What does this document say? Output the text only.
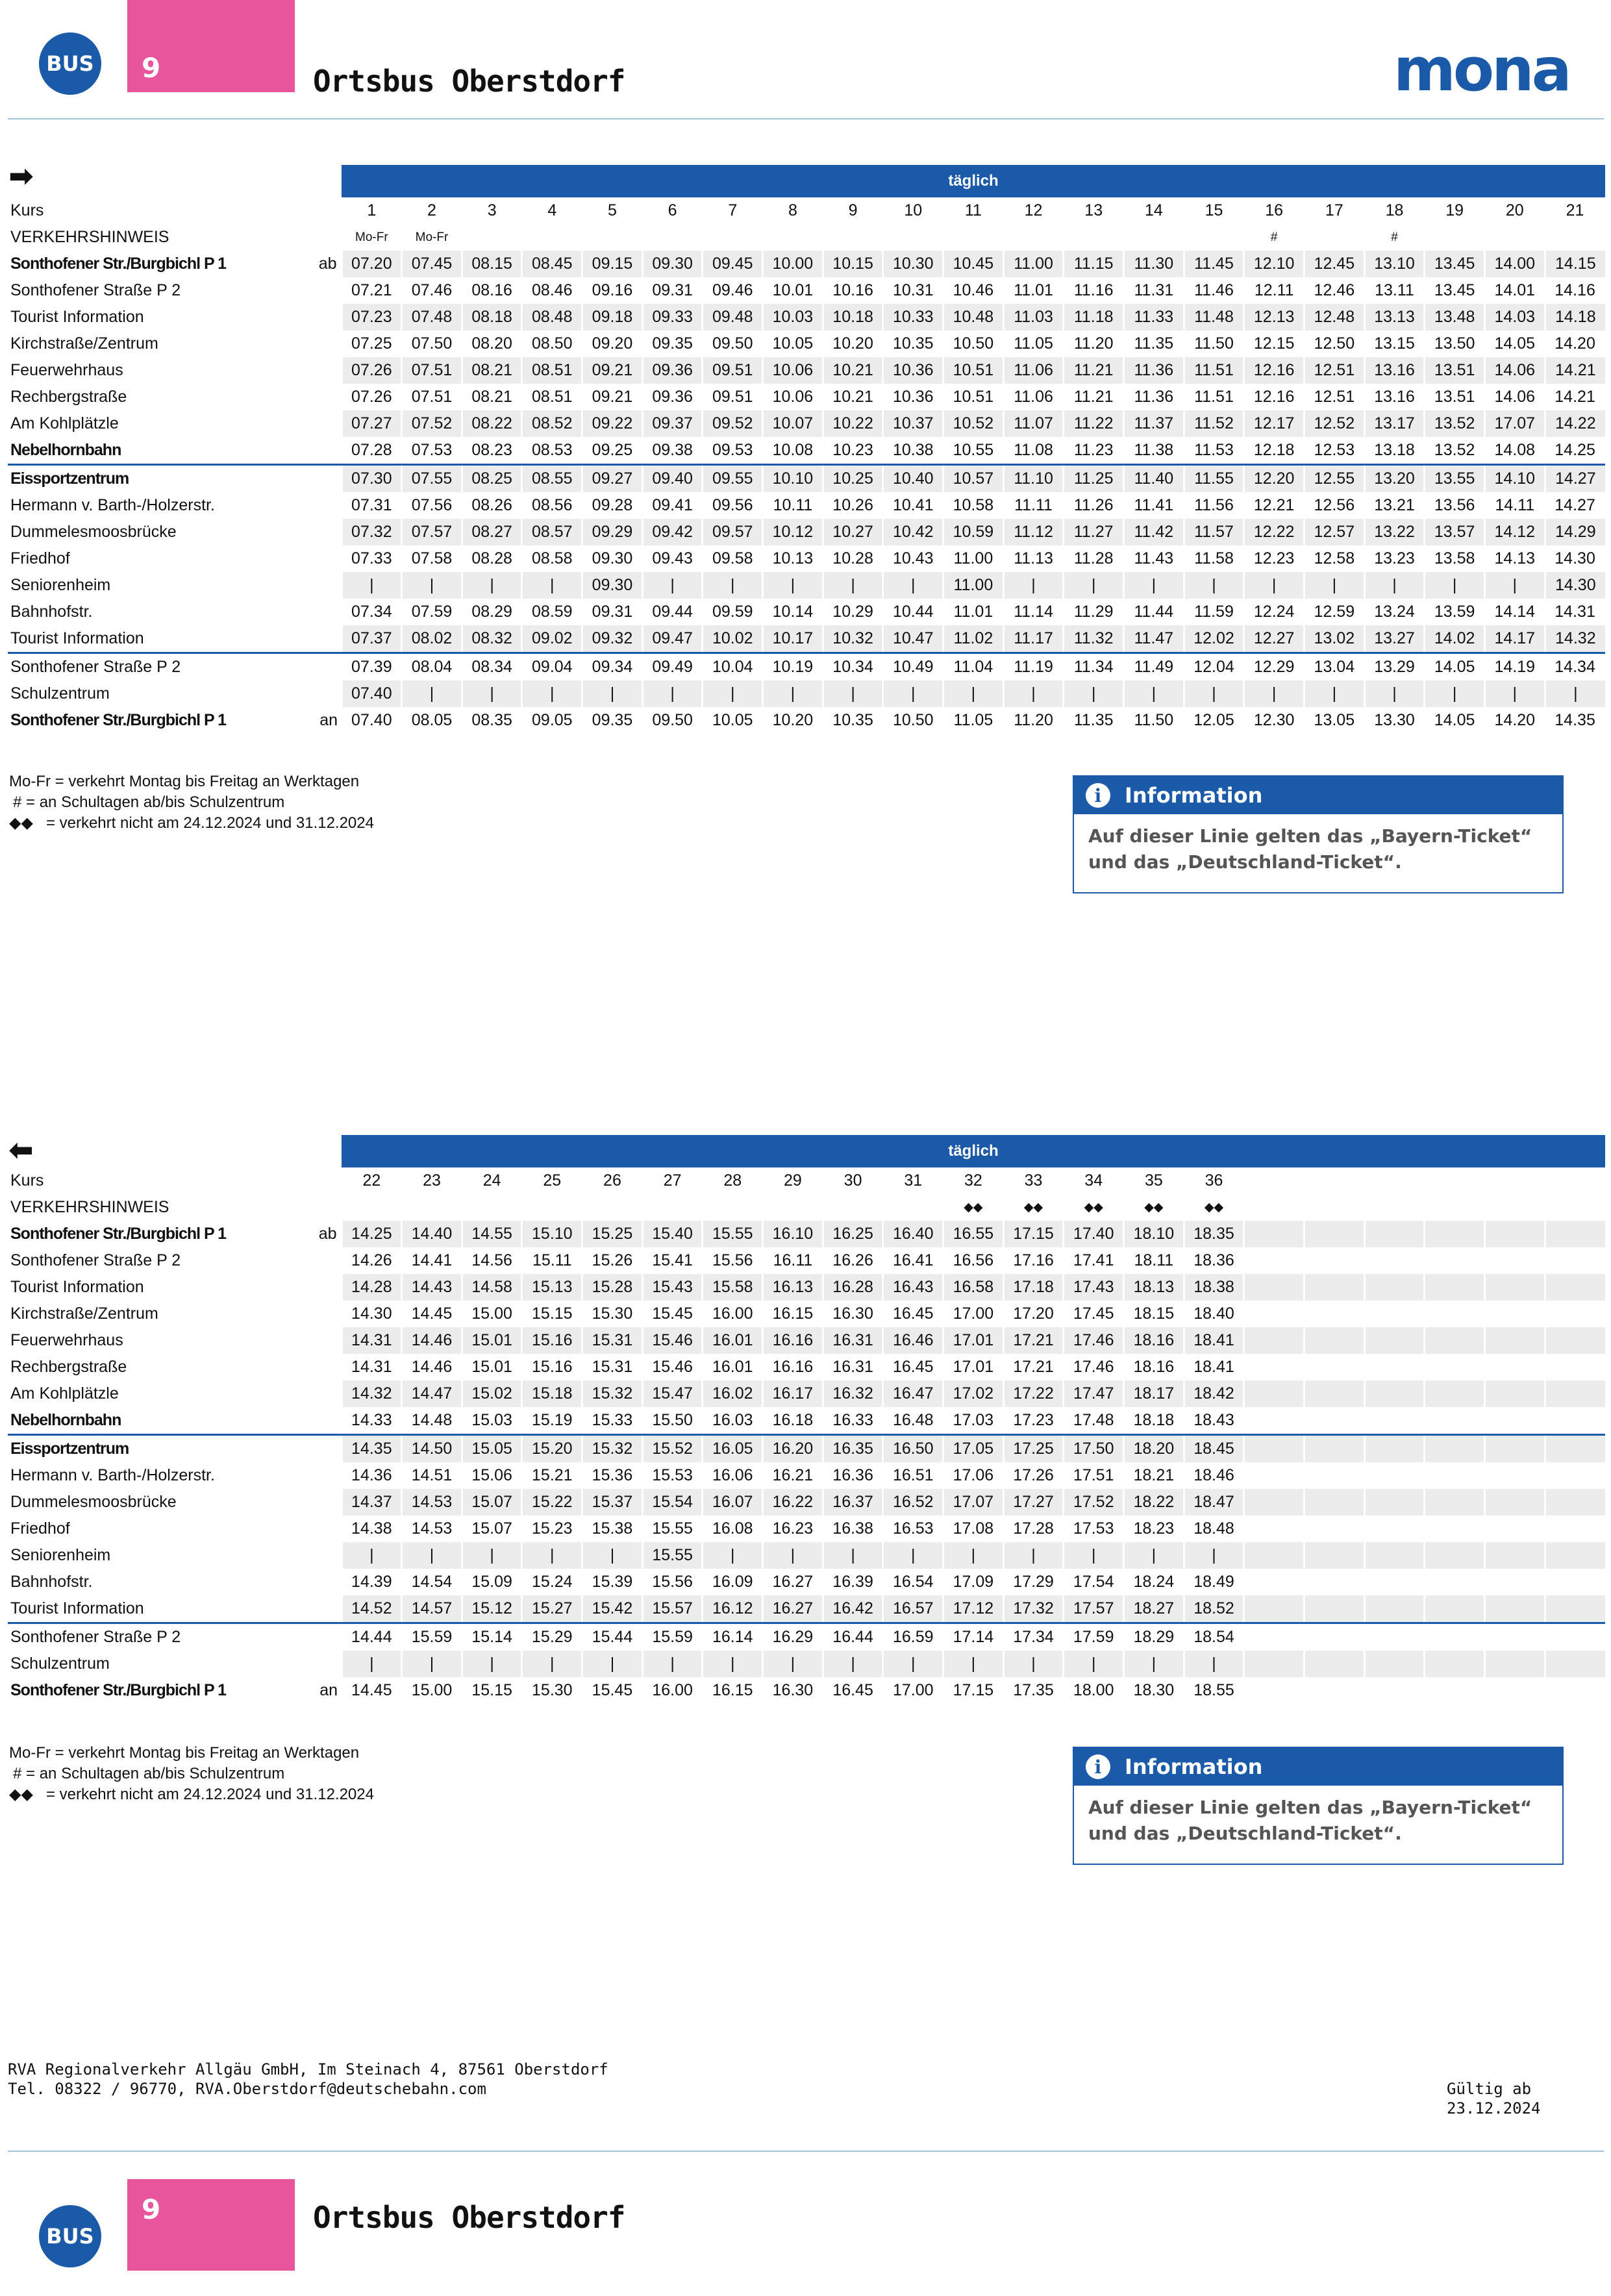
BUS 9	Ortsbus Oberstdorf	mona
➡
			täglich																				
Kurs		1	2	3	4	5	6	7	8	9	10	11	12	13	14	15	16	17	18	19	20	21
VERKEHRSHINWEIS		Mo-Fr	Mo-Fr														#		#			
Sonthofener Str./Burgbichl P 1	ab	07.20	07.45	08.15	08.45	09.15	09.30	09.45	10.00	10.15	10.30	10.45	11.00	11.15	11.30	11.45	12.10	12.45	13.10	13.45	14.00	14.15
Sonthofener Straße P 2		07.21	07.46	08.16	08.46	09.16	09.31	09.46	10.01	10.16	10.31	10.46	11.01	11.16	11.31	11.46	12.11	12.46	13.11	13.45	14.01	14.16
Tourist Information		07.23	07.48	08.18	08.48	09.18	09.33	09.48	10.03	10.18	10.33	10.48	11.03	11.18	11.33	11.48	12.13	12.48	13.13	13.48	14.03	14.18
Kirchstraße/Zentrum		07.25	07.50	08.20	08.50	09.20	09.35	09.50	10.05	10.20	10.35	10.50	11.05	11.20	11.35	11.50	12.15	12.50	13.15	13.50	14.05	14.20
Feuerwehrhaus		07.26	07.51	08.21	08.51	09.21	09.36	09.51	10.06	10.21	10.36	10.51	11.06	11.21	11.36	11.51	12.16	12.51	13.16	13.51	14.06	14.21
Rechbergstraße		07.26	07.51	08.21	08.51	09.21	09.36	09.51	10.06	10.21	10.36	10.51	11.06	11.21	11.36	11.51	12.16	12.51	13.16	13.51	14.06	14.21
Am Kohlplätzle		07.27	07.52	08.22	08.52	09.22	09.37	09.52	10.07	10.22	10.37	10.52	11.07	11.22	11.37	11.52	12.17	12.52	13.17	13.52	17.07	14.22
Nebelhornbahn		07.28	07.53	08.23	08.53	09.25	09.38	09.53	10.08	10.23	10.38	10.55	11.08	11.23	11.38	11.53	12.18	12.53	13.18	13.52	14.08	14.25
Eissportzentrum		07.30	07.55	08.25	08.55	09.27	09.40	09.55	10.10	10.25	10.40	10.57	11.10	11.25	11.40	11.55	12.20	12.55	13.20	13.55	14.10	14.27
Hermann v. Barth-/Holzerstr.		07.31	07.56	08.26	08.56	09.28	09.41	09.56	10.11	10.26	10.41	10.58	11.11	11.26	11.41	11.56	12.21	12.56	13.21	13.56	14.11	14.27
Dummelesmoosbrücke		07.32	07.57	08.27	08.57	09.29	09.42	09.57	10.12	10.27	10.42	10.59	11.12	11.27	11.42	11.57	12.22	12.57	13.22	13.57	14.12	14.29
Friedhof		07.33	07.58	08.28	08.58	09.30	09.43	09.58	10.13	10.28	10.43	11.00	11.13	11.28	11.43	11.58	12.23	12.58	13.23	13.58	14.13	14.30
Seniorenheim		|	|	|	|	09.30	|	|	|	|	|	11.00	|	|	|	|	|	|	|	|	|	14.30
Bahnhofstr.		07.34	07.59	08.29	08.59	09.31	09.44	09.59	10.14	10.29	10.44	11.01	11.14	11.29	11.44	11.59	12.24	12.59	13.24	13.59	14.14	14.31
Tourist Information		07.37	08.02	08.32	09.02	09.32	09.47	10.02	10.17	10.32	10.47	11.02	11.17	11.32	11.47	12.02	12.27	13.02	13.27	14.02	14.17	14.32
Sonthofener Straße P 2		07.39	08.04	08.34	09.04	09.34	09.49	10.04	10.19	10.34	10.49	11.04	11.19	11.34	11.49	12.04	12.29	13.04	13.29	14.05	14.19	14.34
Schulzentrum		07.40	|	|	|	|	|	|	|	|	|	|	|	|	|	|	|	|	|	|	|	|
Sonthofener Str./Burgbichl P 1	an	07.40	08.05	08.35	09.05	09.35	09.50	10.05	10.20	10.35	10.50	11.05	11.20	11.35	11.50	12.05	12.30	13.05	13.30	14.05	14.20	14.35
Mo-Fr = verkehrt Montag bis Freitag an Werktagen
# = an Schultagen ab/bis Schulzentrum
◆◆ = verkehrt nicht am 24.12.2024 und 31.12.2024
i	Information
Auf dieser Linie gelten das „Bayern-Ticket“ und das „Deutschland-Ticket“.
⬅
			täglich																				
Kurs		22	23	24	25	26	27	28	29	30	31	32	33	34	35	36						
VERKEHRSHINWEIS												◆◆	◆◆	◆◆	◆◆	◆◆						
Sonthofener Str./Burgbichl P 1	ab	14.25	14.40	14.55	15.10	15.25	15.40	15.55	16.10	16.25	16.40	16.55	17.15	17.40	18.10	18.35						
Sonthofener Straße P 2		14.26	14.41	14.56	15.11	15.26	15.41	15.56	16.11	16.26	16.41	16.56	17.16	17.41	18.11	18.36						
Tourist Information		14.28	14.43	14.58	15.13	15.28	15.43	15.58	16.13	16.28	16.43	16.58	17.18	17.43	18.13	18.38						
Kirchstraße/Zentrum		14.30	14.45	15.00	15.15	15.30	15.45	16.00	16.15	16.30	16.45	17.00	17.20	17.45	18.15	18.40						
Feuerwehrhaus		14.31	14.46	15.01	15.16	15.31	15.46	16.01	16.16	16.31	16.46	17.01	17.21	17.46	18.16	18.41						
Rechbergstraße		14.31	14.46	15.01	15.16	15.31	15.46	16.01	16.16	16.31	16.45	17.01	17.21	17.46	18.16	18.41						
Am Kohlplätzle		14.32	14.47	15.02	15.18	15.32	15.47	16.02	16.17	16.32	16.47	17.02	17.22	17.47	18.17	18.42						
Nebelhornbahn		14.33	14.48	15.03	15.19	15.33	15.50	16.03	16.18	16.33	16.48	17.03	17.23	17.48	18.18	18.43						
Eissportzentrum		14.35	14.50	15.05	15.20	15.32	15.52	16.05	16.20	16.35	16.50	17.05	17.25	17.50	18.20	18.45						
Hermann v. Barth-/Holzerstr.		14.36	14.51	15.06	15.21	15.36	15.53	16.06	16.21	16.36	16.51	17.06	17.26	17.51	18.21	18.46						
Dummelesmoosbrücke		14.37	14.53	15.07	15.22	15.37	15.54	16.07	16.22	16.37	16.52	17.07	17.27	17.52	18.22	18.47						
Friedhof		14.38	14.53	15.07	15.23	15.38	15.55	16.08	16.23	16.38	16.53	17.08	17.28	17.53	18.23	18.48						
Seniorenheim		|	|	|	|	|	15.55	|	|	|	|	|	|	|	|	|						
Bahnhofstr.		14.39	14.54	15.09	15.24	15.39	15.56	16.09	16.27	16.39	16.54	17.09	17.29	17.54	18.24	18.49						
Tourist Information		14.52	14.57	15.12	15.27	15.42	15.57	16.12	16.27	16.42	16.57	17.12	17.32	17.57	18.27	18.52						
Sonthofener Straße P 2		14.44	15.59	15.14	15.29	15.44	15.59	16.14	16.29	16.44	16.59	17.14	17.34	17.59	18.29	18.54						
Schulzentrum		|	|	|	|	|	|	|	|	|	|	|	|	|	|	|						
Sonthofener Str./Burgbichl P 1	an	14.45	15.00	15.15	15.30	15.45	16.00	16.15	16.30	16.45	17.00	17.15	17.35	18.00	18.30	18.55						
Mo-Fr = verkehrt Montag bis Freitag an Werktagen
# = an Schultagen ab/bis Schulzentrum
◆◆ = verkehrt nicht am 24.12.2024 und 31.12.2024
i	Information
Auf dieser Linie gelten das „Bayern-Ticket“ und das „Deutschland-Ticket“.
RVA Regionalverkehr Allgäu GmbH, Im Steinach 4, 87561 Oberstdorf
Tel. 08322 / 96770, RVA.Oberstdorf@deutschebahn.com	Gültig ab 23.12.2024
BUS
9	Ortsbus Oberstdorf
